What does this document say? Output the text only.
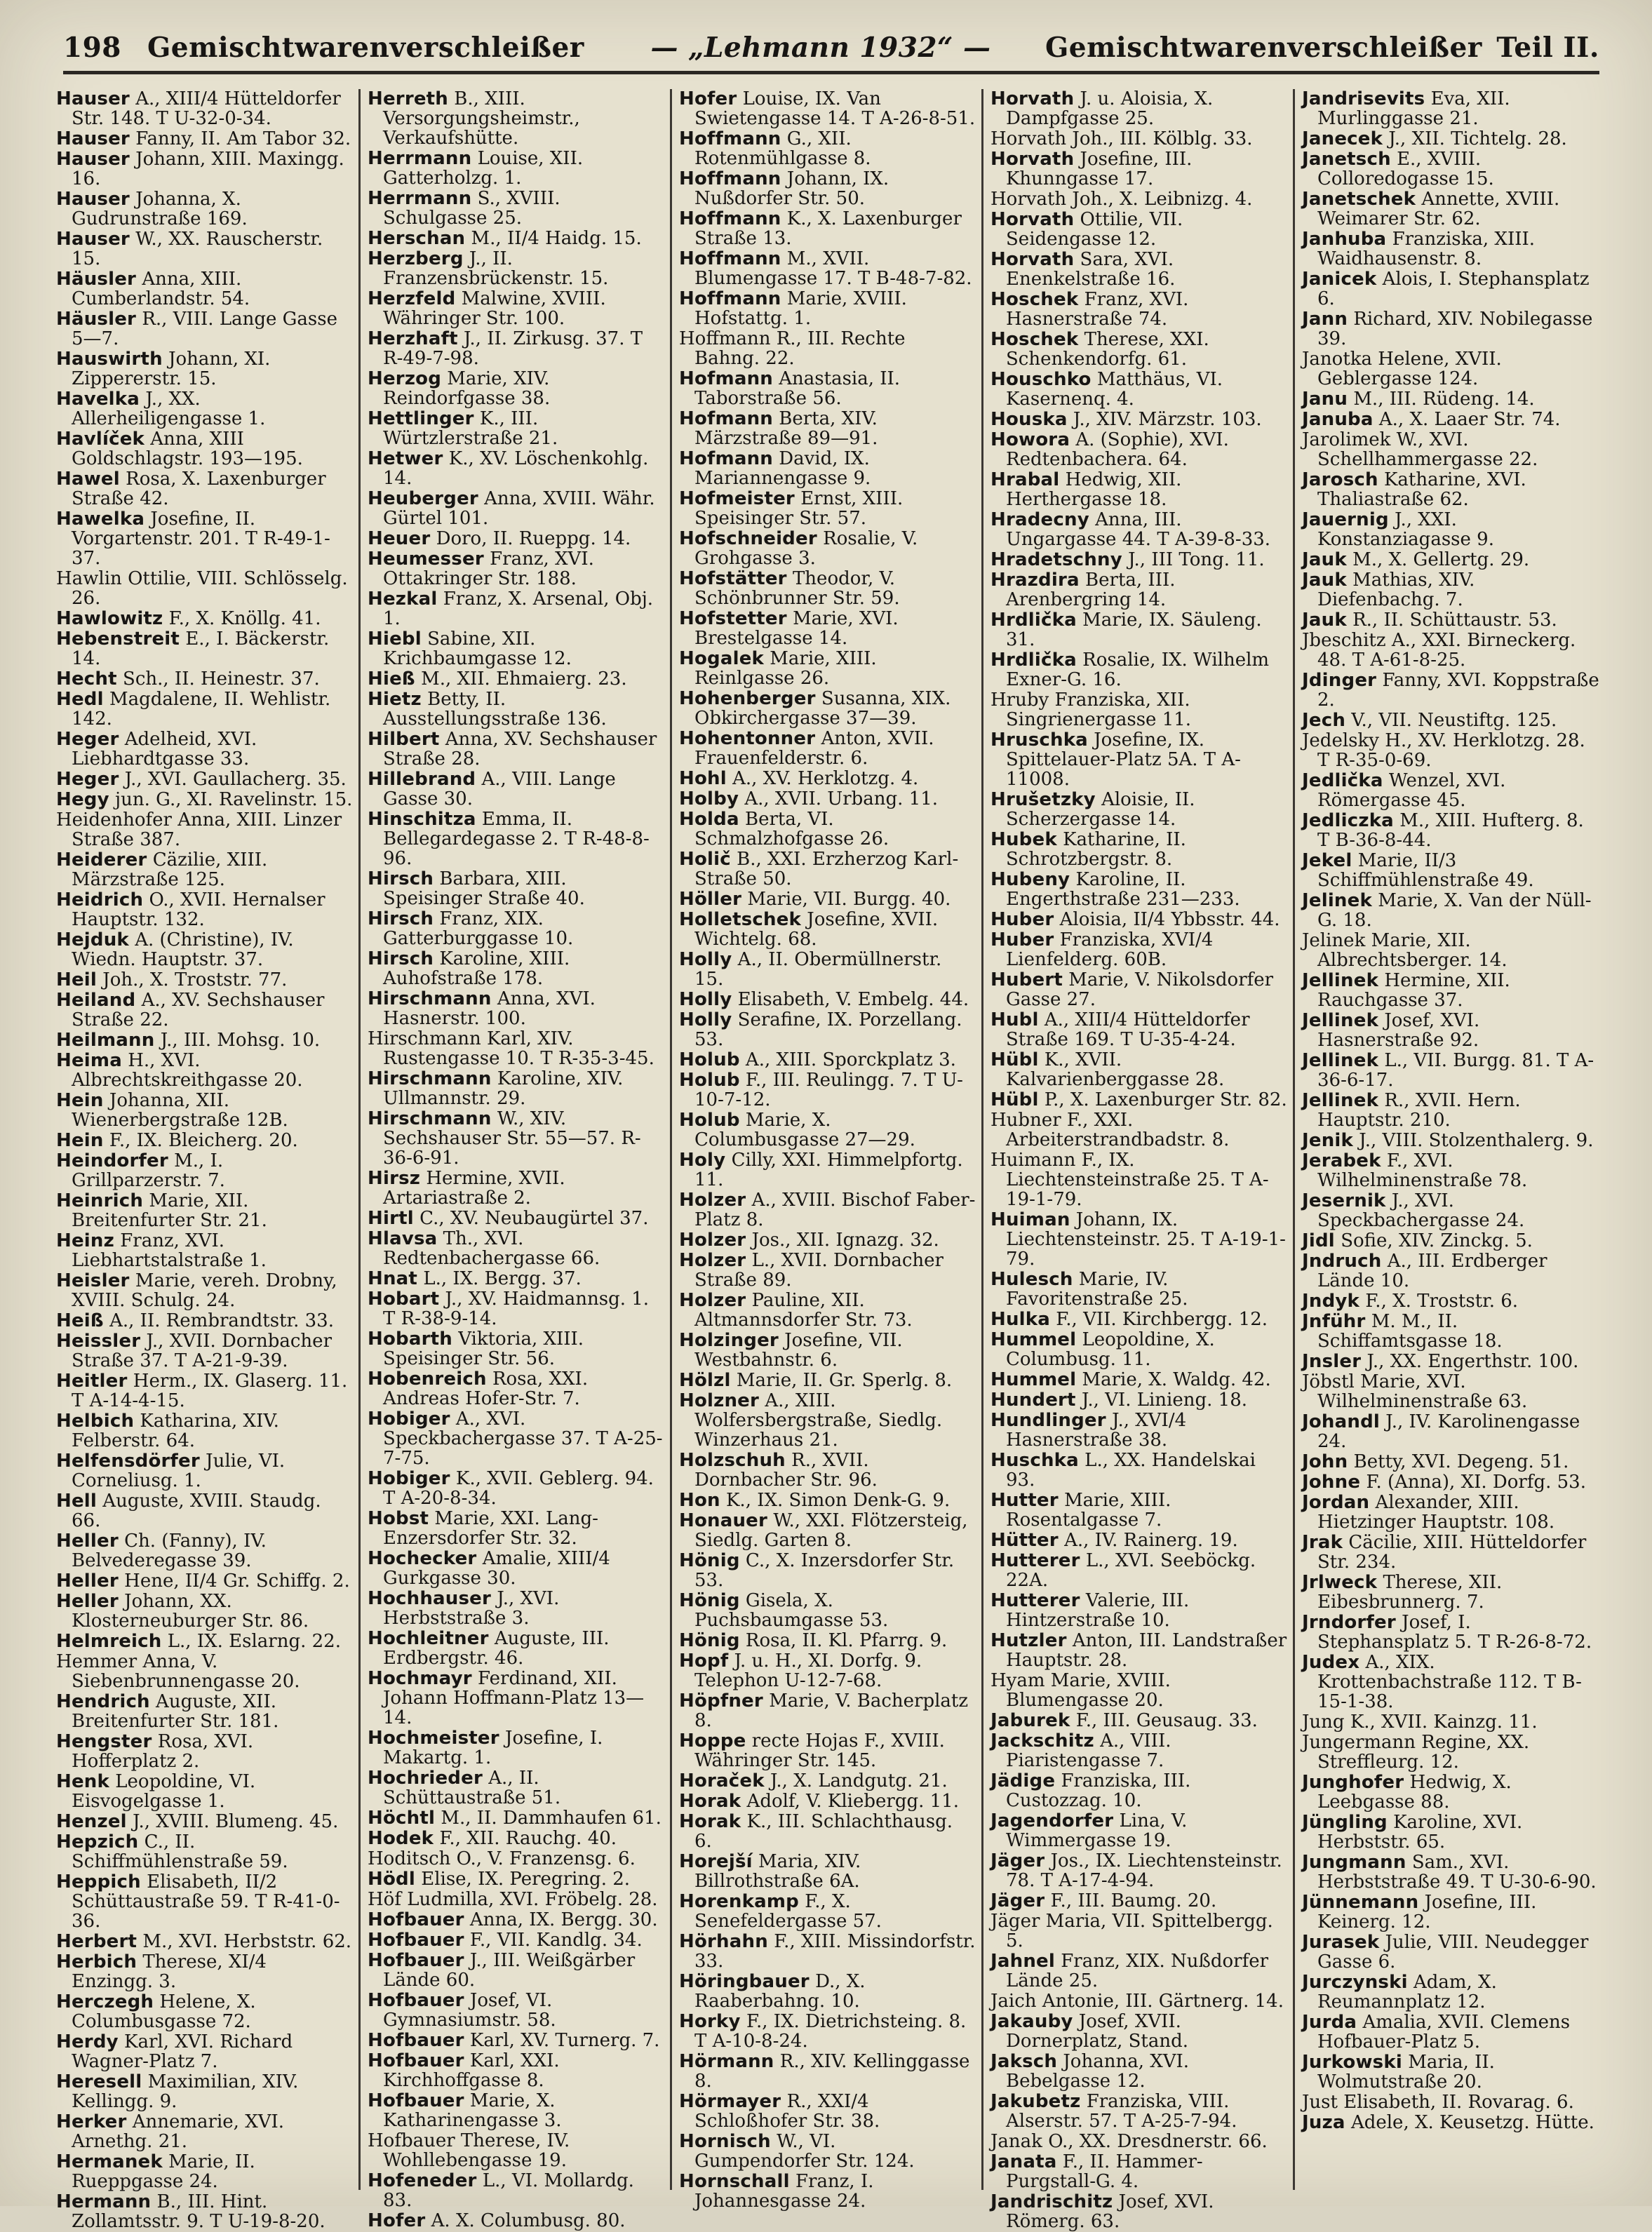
198 Gemischtwarenverschleißer	— „Lehmann 1932“ —	Gemischtwarenverschleißer Teil II.
Hauser A., XIII/4 Hütteldorfer Str. 148. T U-32-0-34.
Hauser Fanny, II. Am Tabor 32.
Hauser Johann, XIII. Maxingg. 16.
Hauser Johanna, X. Gudrunstraße 169.
Hauser W., XX. Rauscherstr. 15.
Häusler Anna, XIII. Cumberlandstr. 54.
Häusler R., VIII. Lange Gasse 5—7.
Hauswirth Johann, XI. Zippererstr. 15.
Havelka J., XX. Allerheiligengasse 1.
Havlíček Anna, XIII Goldschlagstr. 193—195.
Hawel Rosa, X. Laxenburger Straße 42.
Hawelka Josefine, II. Vorgartenstr. 201. T R-49-1-37.
Hawlin Ottilie, VIII. Schlösselg. 26.
Hawlowitz F., X. Knöllg. 41.
Hebenstreit E., I. Bäckerstr. 14.
Hecht Sch., II. Heinestr. 37.
Hedl Magdalene, II. Wehlistr. 142.
Heger Adelheid, XVI. Liebhardtgasse 33.
Heger J., XVI. Gaullacherg. 35.
Hegy jun. G., XI. Ravelinstr. 15.
Heidenhofer Anna, XIII. Linzer Straße 387.
Heiderer Cäzilie, XIII. Märzstraße 125.
Heidrich O., XVII. Hernalser Hauptstr. 132.
Hejduk A. (Christine), IV. Wiedn. Hauptstr. 37.
Heil Joh., X. Troststr. 77.
Heiland A., XV. Sechshauser Straße 22.
Heilmann J., III. Mohsg. 10.
Heima H., XVI. Albrechtskreithgasse 20.
Hein Johanna, XII. Wienerbergstraße 12B.
Hein F., IX. Bleicherg. 20.
Heindorfer M., I. Grillparzerstr. 7.
Heinrich Marie, XII. Breitenfurter Str. 21.
Heinz Franz, XVI. Liebhartstalstraße 1.
Heisler Marie, vereh. Drobny, XVIII. Schulg. 24.
Heiß A., II. Rembrandtstr. 33.
Heissler J., XVII. Dornbacher Straße 37. T A-21-9-39.
Heitler Herm., IX. Glaserg. 11. T A-14-4-15.
Helbich Katharina, XIV. Felberstr. 64.
Helfensdörfer Julie, VI. Corneliusg. 1.
Hell Auguste, XVIII. Staudg. 66.
Heller Ch. (Fanny), IV. Belvederegasse 39.
Heller Hene, II/4 Gr. Schiffg. 2.
Heller Johann, XX. Klosterneuburger Str. 86.
Helmreich L., IX. Eslarng. 22.
Hemmer Anna, V. Siebenbrunnengasse 20.
Hendrich Auguste, XII. Breitenfurter Str. 181.
Hengster Rosa, XVI. Hofferplatz 2.
Henk Leopoldine, VI. Eisvogelgasse 1.
Henzel J., XVIII. Blumeng. 45.
Hepzich C., II. Schiffmühlenstraße 59.
Heppich Elisabeth, II/2 Schüttaustraße 59. T R-41-0-36.
Herbert M., XVI. Herbststr. 62.
Herbich Therese, XI/4 Enzingg. 3.
Herczegh Helene, X. Columbusgasse 72.
Herdy Karl, XVI. Richard Wagner-Platz 7.
Heresell Maximilian, XIV. Kellingg. 9.
Herker Annemarie, XVI. Arnethg. 21.
Hermanek Marie, II. Rueppgasse 24.
Hermann B., III. Hint. Zollamtsstr. 9. T U-19-8-20.
Herreth B., XIII. Versorgungsheimstr., Verkaufshütte.
Herrmann Louise, XII. Gatterholzg. 1.
Herrmann S., XVIII. Schulgasse 25.
Herschan M., II/4 Haidg. 15.
Herzberg J., II. Franzensbrückenstr. 15.
Herzfeld Malwine, XVIII. Währinger Str. 100.
Herzhaft J., II. Zirkusg. 37. T R-49-7-98.
Herzog Marie, XIV. Reindorfgasse 38.
Hettlinger K., III. Würtzlerstraße 21.
Hetwer K., XV. Löschenkohlg. 14.
Heuberger Anna, XVIII. Währ. Gürtel 101.
Heuer Doro, II. Rueppg. 14.
Heumesser Franz, XVI. Ottakringer Str. 188.
Hezkal Franz, X. Arsenal, Obj. 1.
Hiebl Sabine, XII. Krichbaumgasse 12.
Hieß M., XII. Ehmaierg. 23.
Hietz Betty, II. Ausstellungsstraße 136.
Hilbert Anna, XV. Sechshauser Straße 28.
Hillebrand A., VIII. Lange Gasse 30.
Hinschitza Emma, II. Bellegardegasse 2. T R-48-8-96.
Hirsch Barbara, XIII. Speisinger Straße 40.
Hirsch Franz, XIX. Gatterburggasse 10.
Hirsch Karoline, XIII. Auhofstraße 178.
Hirschmann Anna, XVI. Hasnerstr. 100.
Hirschmann Karl, XIV. Rustengasse 10. T R-35-3-45.
Hirschmann Karoline, XIV. Ullmannstr. 29.
Hirschmann W., XIV. Sechshauser Str. 55—57. R-36-6-91.
Hirsz Hermine, XVII. Artariastraße 2.
Hirtl C., XV. Neubaugürtel 37.
Hlavsa Th., XVI. Redtenbachergasse 66.
Hnat L., IX. Bergg. 37.
Hobart J., XV. Haidmannsg. 1. T R-38-9-14.
Hobarth Viktoria, XIII. Speisinger Str. 56.
Hobenreich Rosa, XXI. Andreas Hofer-Str. 7.
Hobiger A., XVI. Speckbachergasse 37. T A-25-7-75.
Hobiger K., XVII. Geblerg. 94. T A-20-8-34.
Hobst Marie, XXI. Lang-Enzersdorfer Str. 32.
Hochecker Amalie, XIII/4 Gurkgasse 30.
Hochhauser J., XVI. Herbststraße 3.
Hochleitner Auguste, III. Erdbergstr. 46.
Hochmayr Ferdinand, XII. Johann Hoffmann-Platz 13—14.
Hochmeister Josefine, I. Makartg. 1.
Hochrieder A., II. Schüttaustraße 51.
Höchtl M., II. Dammhaufen 61.
Hodek F., XII. Rauchg. 40.
Hoditsch O., V. Franzensg. 6.
Hödl Elise, IX. Peregring. 2.
Höf Ludmilla, XVI. Fröbelg. 28.
Hofbauer Anna, IX. Bergg. 30.
Hofbauer F., VII. Kandlg. 34.
Hofbauer J., III. Weißgärber Lände 60.
Hofbauer Josef, VI. Gymnasiumstr. 58.
Hofbauer Karl, XV. Turnerg. 7.
Hofbauer Karl, XXI. Kirchhoffgasse 8.
Hofbauer Marie, X. Katharinengasse 3.
Hofbauer Therese, IV. Wohllebengasse 19.
Hofeneder L., VI. Mollardg. 83.
Hofer A. X. Columbusg. 80.
Hofer Louise, IX. Van Swietengasse 14. T A-26-8-51.
Hoffmann G., XII. Rotenmühlgasse 8.
Hoffmann Johann, IX. Nußdorfer Str. 50.
Hoffmann K., X. Laxenburger Straße 13.
Hoffmann M., XVII. Blumengasse 17. T B-48-7-82.
Hoffmann Marie, XVIII. Hofstattg. 1.
Hoffmann R., III. Rechte Bahng. 22.
Hofmann Anastasia, II. Taborstraße 56.
Hofmann Berta, XIV. Märzstraße 89—91.
Hofmann David, IX. Mariannengasse 9.
Hofmeister Ernst, XIII. Speisinger Str. 57.
Hofschneider Rosalie, V. Grohgasse 3.
Hofstätter Theodor, V. Schönbrunner Str. 59.
Hofstetter Marie, XVI. Brestelgasse 14.
Hogalek Marie, XIII. Reinlgasse 26.
Hohenberger Susanna, XIX. Obkirchergasse 37—39.
Hohentonner Anton, XVII. Frauenfelderstr. 6.
Hohl A., XV. Herklotzg. 4.
Holby A., XVII. Urbang. 11.
Holda Berta, VI. Schmalzhofgasse 26.
Holič B., XXI. Erzherzog Karl-Straße 50.
Höller Marie, VII. Burgg. 40.
Holletschek Josefine, XVII. Wichtelg. 68.
Holly A., II. Obermüllnerstr. 15.
Holly Elisabeth, V. Embelg. 44.
Holly Serafine, IX. Porzellang. 53.
Holub A., XIII. Sporckplatz 3.
Holub F., III. Reulingg. 7. T U-10-7-12.
Holub Marie, X. Columbusgasse 27—29.
Holy Cilly, XXI. Himmelpfortg. 11.
Holzer A., XVIII. Bischof Faber-Platz 8.
Holzer Jos., XII. Ignazg. 32.
Holzer L., XVII. Dornbacher Straße 89.
Holzer Pauline, XII. Altmannsdorfer Str. 73.
Holzinger Josefine, VII. Westbahnstr. 6.
Hölzl Marie, II. Gr. Sperlg. 8.
Holzner A., XIII. Wolfersbergstraße, Siedlg. Winzerhaus 21.
Holzschuh R., XVII. Dornbacher Str. 96.
Hon K., IX. Simon Denk-G. 9.
Honauer W., XXI. Flötzersteig, Siedlg. Garten 8.
Hönig C., X. Inzersdorfer Str. 53.
Hönig Gisela, X. Puchsbaumgasse 53.
Hönig Rosa, II. Kl. Pfarrg. 9.
Hopf J. u. H., XI. Dorfg. 9. Telephon U-12-7-68.
Höpfner Marie, V. Bacherplatz 8.
Hoppe recte Hojas F., XVIII. Währinger Str. 145.
Horaček J., X. Landgutg. 21.
Horak Adolf, V. Kliebergg. 11.
Horak K., III. Schlachthausg. 6.
Horejší Maria, XIV. Billrothstraße 6A.
Horenkamp F., X. Senefeldergasse 57.
Hörhahn F., XIII. Missindorfstr. 33.
Höringbauer D., X. Raaberbahng. 10.
Horky F., IX. Dietrichsteing. 8. T A-10-8-24.
Hörmann R., XIV. Kellinggasse 8.
Hörmayer R., XXI/4 Schloßhofer Str. 38.
Hornisch W., VI. Gumpendorfer Str. 124.
Hornschall Franz, I. Johannesgasse 24.
Horvath J. u. Aloisia, X. Dampfgasse 25.
Horvath Joh., III. Kölblg. 33.
Horvath Josefine, III. Khunngasse 17.
Horvath Joh., X. Leibnizg. 4.
Horvath Ottilie, VII. Seidengasse 12.
Horvath Sara, XVI. Enenkelstraße 16.
Hoschek Franz, XVI. Hasnerstraße 74.
Hoschek Therese, XXI. Schenkendorfg. 61.
Houschko Matthäus, VI. Kasernenq. 4.
Houska J., XIV. Märzstr. 103.
Howora A. (Sophie), XVI. Redtenbachera. 64.
Hrabal Hedwig, XII. Herthergasse 18.
Hradecny Anna, III. Ungargasse 44. T A-39-8-33.
Hradetschny J., III Tong. 11.
Hrazdira Berta, III. Arenbergring 14.
Hrdlička Marie, IX. Säuleng. 31.
Hrdlička Rosalie, IX. Wilhelm Exner-G. 16.
Hruby Franziska, XII. Singrienergasse 11.
Hruschka Josefine, IX. Spittelauer-Platz 5A. T A-11008.
Hrušetzky Aloisie, II. Scherzergasse 14.
Hubek Katharine, II. Schrotzbergstr. 8.
Hubeny Karoline, II. Engerthstraße 231—233.
Huber Aloisia, II/4 Ybbsstr. 44.
Huber Franziska, XVI/4 Lienfelderg. 60B.
Hubert Marie, V. Nikolsdorfer Gasse 27.
Hubl A., XIII/4 Hütteldorfer Straße 169. T U-35-4-24.
Hübl K., XVII. Kalvarienberggasse 28.
Hübl P., X. Laxenburger Str. 82.
Hubner F., XXI. Arbeiterstrandbadstr. 8.
Huimann F., IX. Liechtensteinstraße 25. T A-19-1-79.
Huiman Johann, IX. Liechtensteinstr. 25. T A-19-1-79.
Hulesch Marie, IV. Favoritenstraße 25.
Hulka F., VII. Kirchbergg. 12.
Hummel Leopoldine, X. Columbusg. 11.
Hummel Marie, X. Waldg. 42.
Hundert J., VI. Linieng. 18.
Hundlinger J., XVI/4 Hasnerstraße 38.
Huschka L., XX. Handelskai 93.
Hutter Marie, XIII. Rosentalgasse 7.
Hütter A., IV. Rainerg. 19.
Hutterer L., XVI. Seeböckg. 22A.
Hutterer Valerie, III. Hintzerstraße 10.
Hutzler Anton, III. Landstraßer Hauptstr. 28.
Hyam Marie, XVIII. Blumengasse 20.
Jaburek F., III. Geusaug. 33.
Jackschitz A., VIII. Piaristengasse 7.
Jädige Franziska, III. Custozzag. 10.
Jagendorfer Lina, V. Wimmergasse 19.
Jäger Jos., IX. Liechtensteinstr. 78. T A-17-4-94.
Jäger F., III. Baumg. 20.
Jäger Maria, VII. Spittelbergg. 5.
Jahnel Franz, XIX. Nußdorfer Lände 25.
Jaich Antonie, III. Gärtnerg. 14.
Jakauby Josef, XVII. Dornerplatz, Stand.
Jaksch Johanna, XVI. Bebelgasse 12.
Jakubetz Franziska, VIII. Alserstr. 57. T A-25-7-94.
Janak O., XX. Dresdnerstr. 66.
Janata F., II. Hammer-Purgstall-G. 4.
Jandrischitz Josef, XVI. Römerg. 63.
Jandrisevits Eva, XII. Murlinggasse 21.
Janecek J., XII. Tichtelg. 28.
Janetsch E., XVIII. Colloredogasse 15.
Janetschek Annette, XVIII. Weimarer Str. 62.
Janhuba Franziska, XIII. Waidhausenstr. 8.
Janicek Alois, I. Stephansplatz 6.
Jann Richard, XIV. Nobilegasse 39.
Janotka Helene, XVII. Geblergasse 124.
Janu M., III. Rüdeng. 14.
Januba A., X. Laaer Str. 74.
Jarolimek W., XVI. Schellhammergasse 22.
Jarosch Katharine, XVI. Thaliastraße 62.
Jauernig J., XXI. Konstanziagasse 9.
Jauk M., X. Gellertg. 29.
Jauk Mathias, XIV. Diefenbachg. 7.
Jauk R., II. Schüttaustr. 53.
Jbeschitz A., XXI. Birneckerg. 48. T A-61-8-25.
Jdinger Fanny, XVI. Koppstraße 2.
Jech V., VII. Neustiftg. 125.
Jedelsky H., XV. Herklotzg. 28. T R-35-0-69.
Jedlička Wenzel, XVI. Römergasse 45.
Jedliczka M., XIII. Hufterg. 8. T B-36-8-44.
Jekel Marie, II/3 Schiffmühlenstraße 49.
Jelinek Marie, X. Van der Nüll-G. 18.
Jelinek Marie, XII. Albrechtsberger. 14.
Jellinek Hermine, XII. Rauchgasse 37.
Jellinek Josef, XVI. Hasnerstraße 92.
Jellinek L., VII. Burgg. 81. T A-36-6-17.
Jellinek R., XVII. Hern. Hauptstr. 210.
Jenik J., VIII. Stolzenthalerg. 9.
Jerabek F., XVI. Wilhelminenstraße 78.
Jesernik J., XVI. Speckbachergasse 24.
Jidl Sofie, XIV. Zinckg. 5.
Jndruch A., III. Erdberger Lände 10.
Jndyk F., X. Troststr. 6.
Jnführ M. M., II. Schiffamtsgasse 18.
Jnsler J., XX. Engerthstr. 100.
Jöbstl Marie, XVI. Wilhelminenstraße 63.
Johandl J., IV. Karolinengasse 24.
John Betty, XVI. Degeng. 51.
Johne F. (Anna), XI. Dorfg. 53.
Jordan Alexander, XIII. Hietzinger Hauptstr. 108.
Jrak Cäcilie, XIII. Hütteldorfer Str. 234.
Jrlweck Therese, XII. Eibesbrunnerg. 7.
Jrndorfer Josef, I. Stephansplatz 5. T R-26-8-72.
Judex A., XIX. Krottenbachstraße 112. T B-15-1-38.
Jung K., XVII. Kainzg. 11.
Jungermann Regine, XX. Streffleurg. 12.
Junghofer Hedwig, X. Leebgasse 88.
Jüngling Karoline, XVI. Herbststr. 65.
Jungmann Sam., XVI. Herbststraße 49. T U-30-6-90.
Jünnemann Josefine, III. Keinerg. 12.
Jurasek Julie, VIII. Neudegger Gasse 6.
Jurczynski Adam, X. Reumannplatz 12.
Jurda Amalia, XVII. Clemens Hofbauer-Platz 5.
Jurkowski Maria, II. Wolmutstraße 20.
Just Elisabeth, II. Rovarag. 6.
Juza Adele, X. Keusetzg. Hütte.
